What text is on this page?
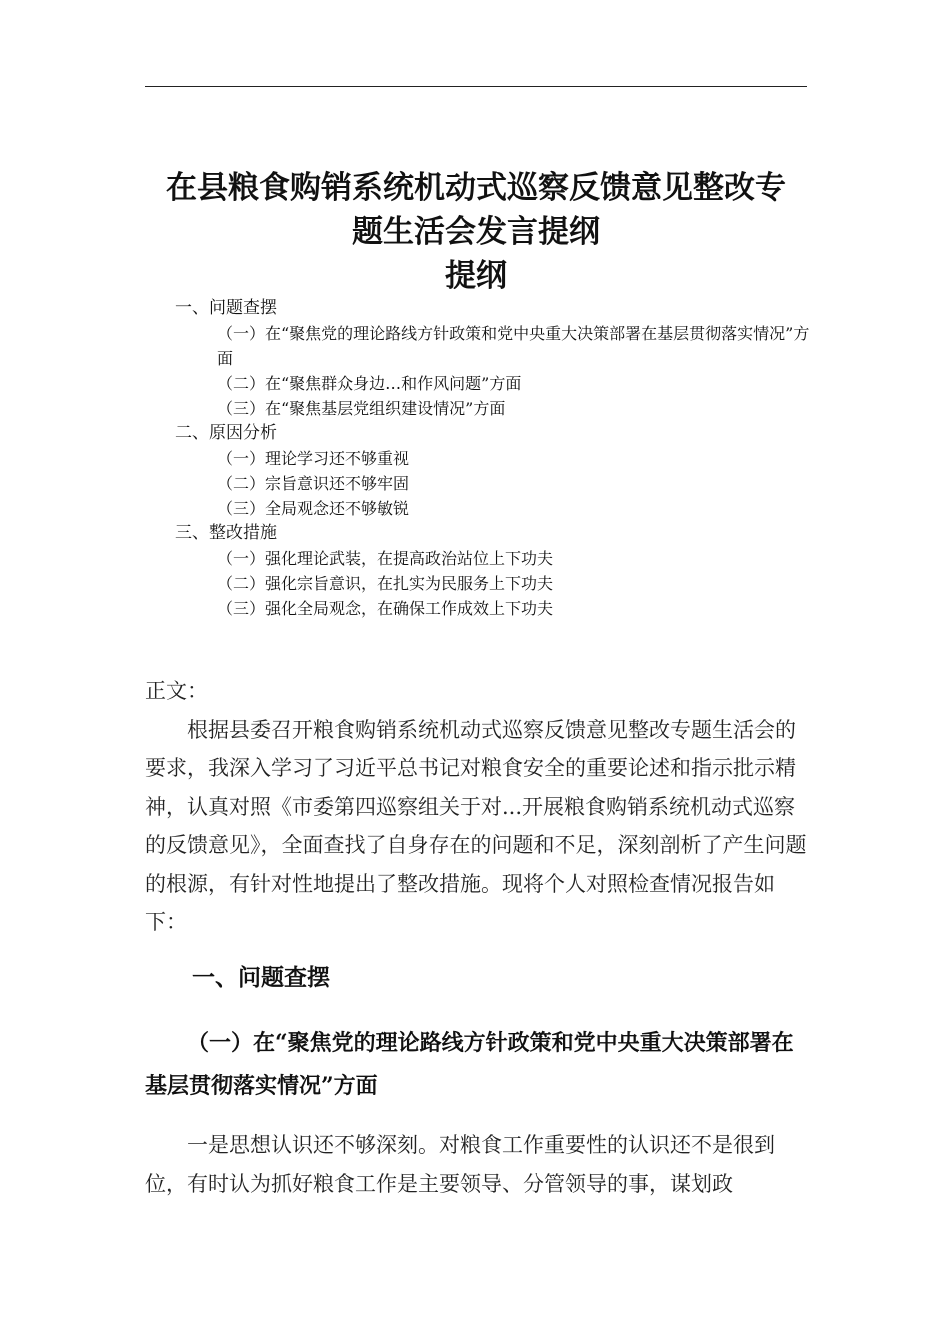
在县粮食购销系统机动式巡察反馈意见整改专
题生活会发言提纲
提纲
一、问题查摆
（一）在“聚焦党的理论路线方针政策和党中央重大决策部署在基层贯彻落实情况”方面
（二）在“聚焦群众身边…和作风问题”方面
（三）在“聚焦基层党组织建设情况”方面
二、原因分析
（一）理论学习还不够重视
（二）宗旨意识还不够牢固
（三）全局观念还不够敏锐
三、整改措施
（一）强化理论武装，在提高政治站位上下功夫
（二）强化宗旨意识，在扎实为民服务上下功夫
（三）强化全局观念，在确保工作成效上下功夫

正文：

根据县委召开粮食购销系统机动式巡察反馈意见整改专题生活会的要求，我深入学习了习近平总书记对粮食安全的重要论述和指示批示精神，认真对照《市委第四巡察组关于对...开展粮食购销系统机动式巡察的反馈意见》，全面查找了自身存在的问题和不足，深刻剖析了产生问题的根源，有针对性地提出了整改措施。现将个人对照检查情况报告如下：

一、问题查摆
（一）在“聚焦党的理论路线方针政策和党中央重大决策部署在基层贯彻落实情况”方面
一是思想认识还不够深刻。对粮食工作重要性的认识还不是很到位，有时认为抓好粮食工作是主要领导、分管领导的事，谋划政
